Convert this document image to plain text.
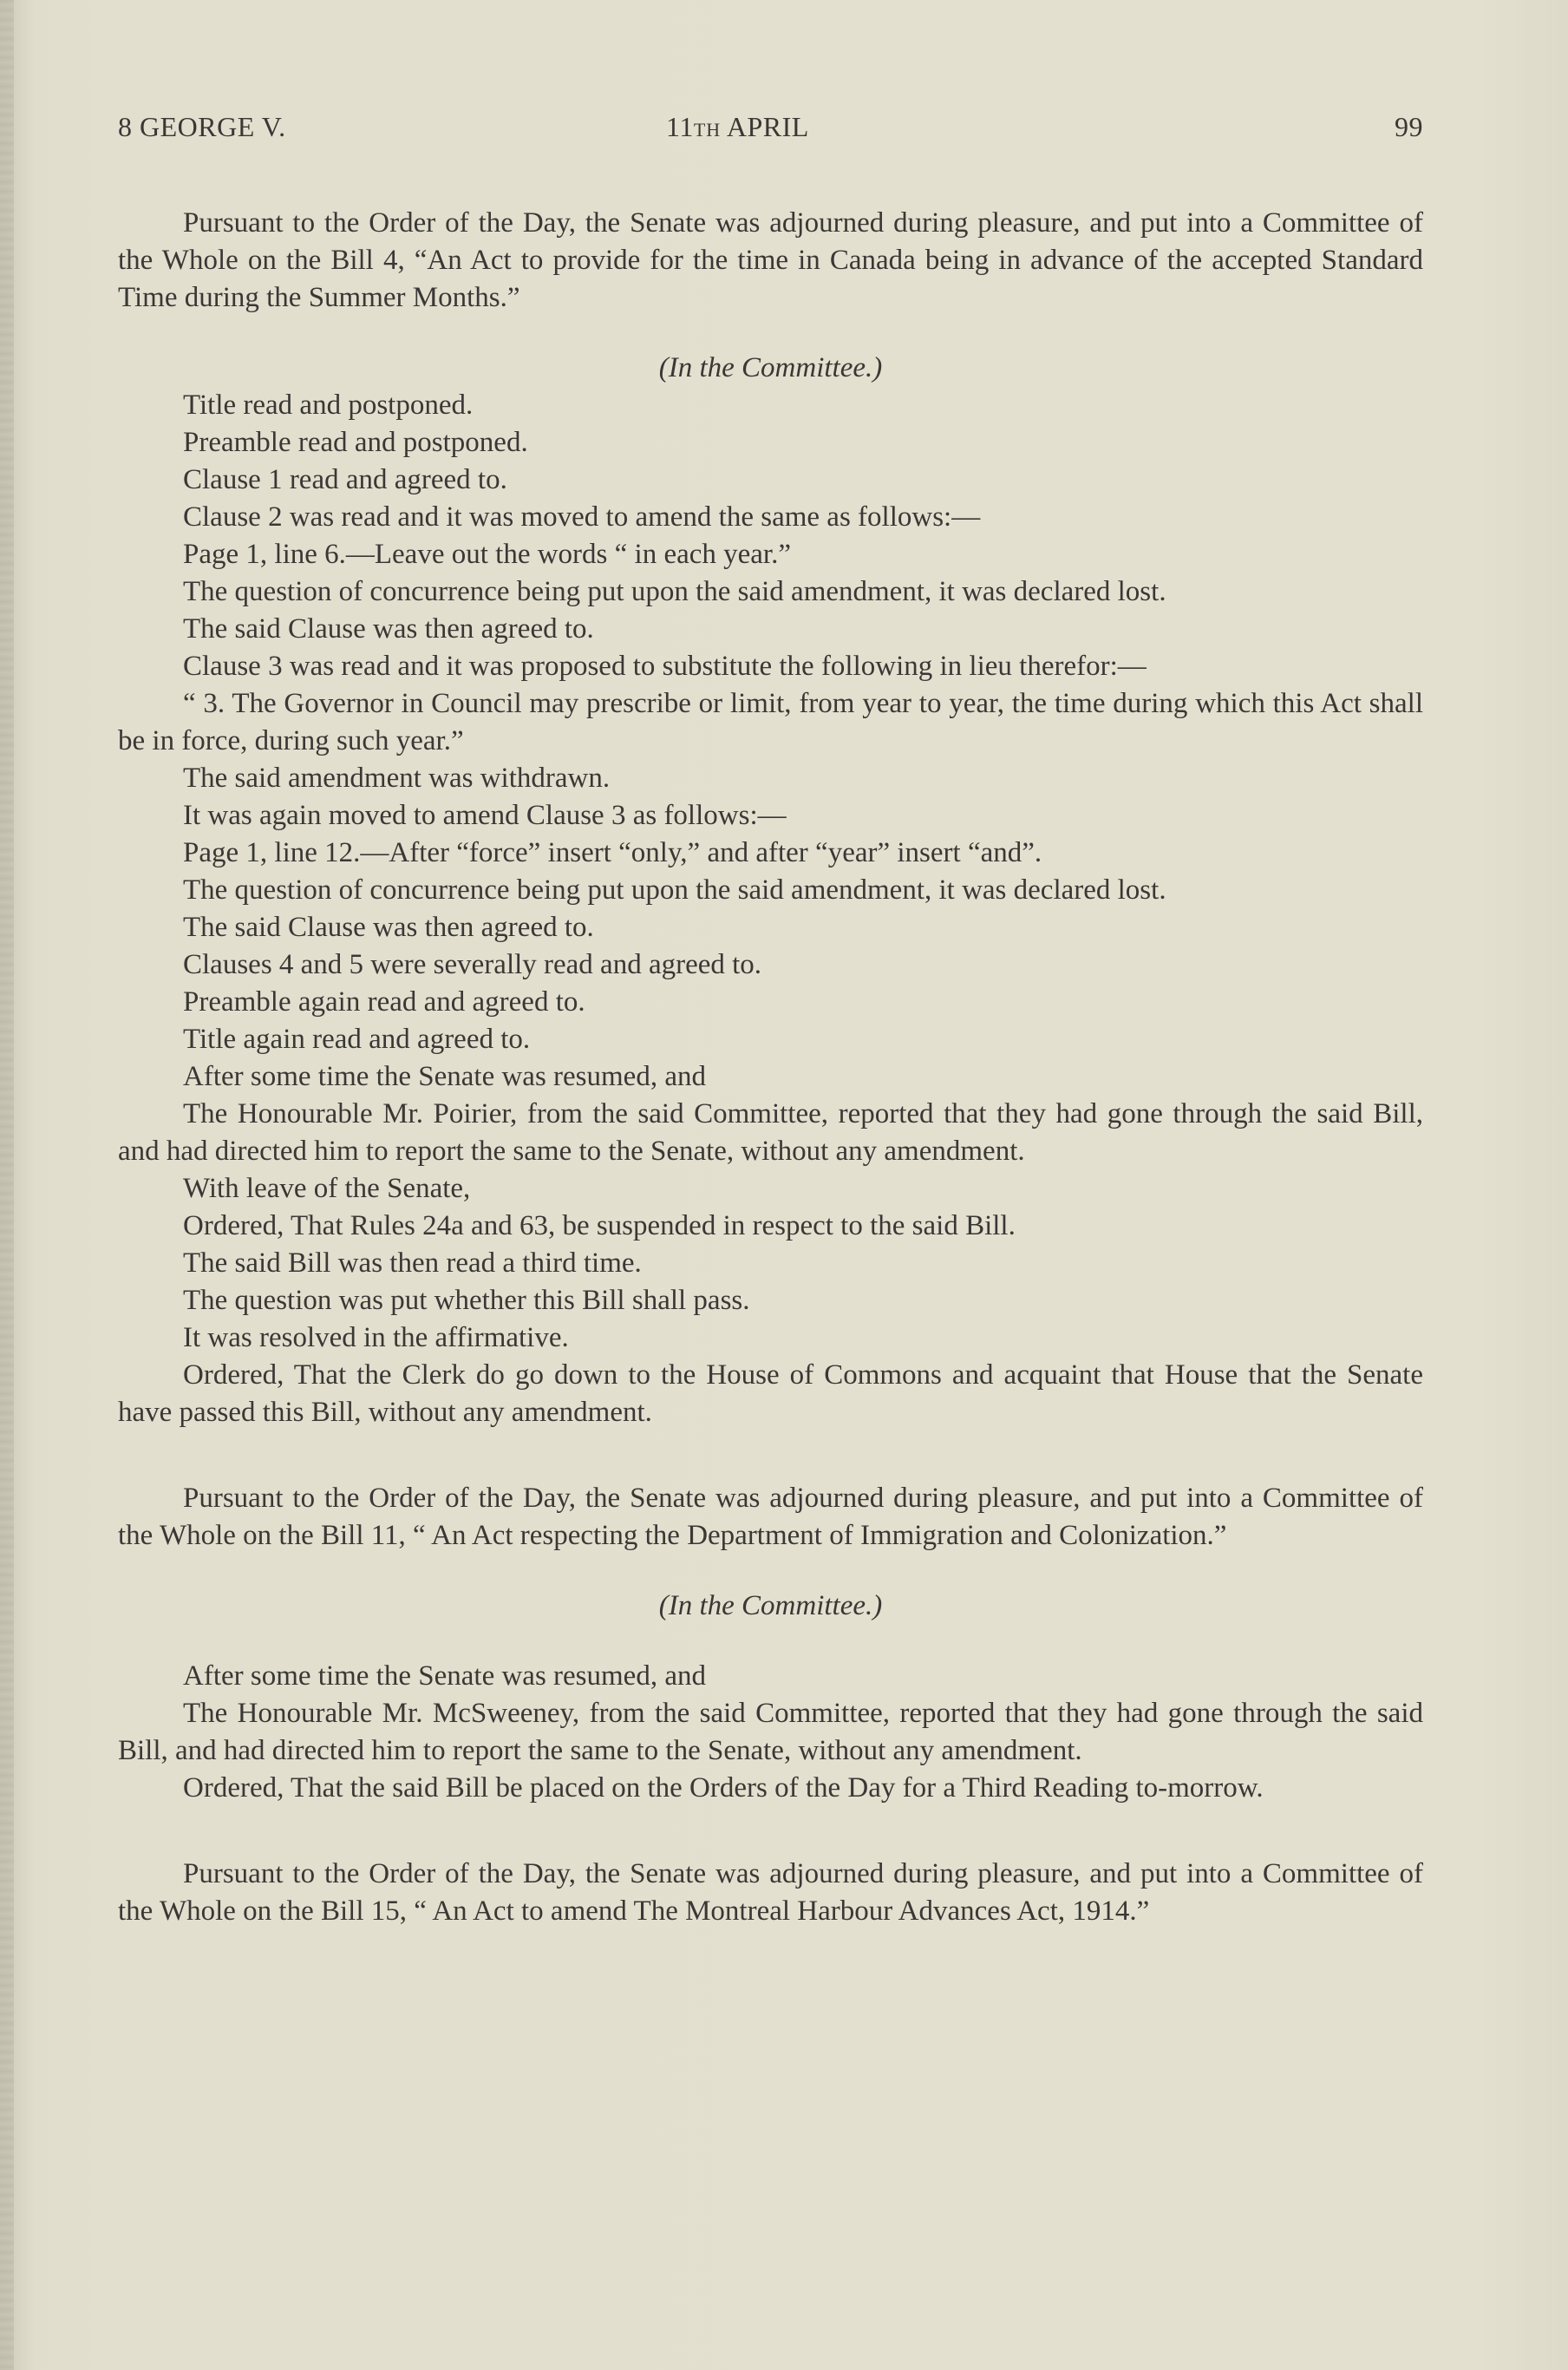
8 GEORGE V.	11TH APRIL	99

Pursuant to the Order of the Day, the Senate was adjourned during pleasure, and put into a Committee of the Whole on the Bill 4, “An Act to provide for the time in Canada being in advance of the accepted Standard Time during the Summer Months.”

(In the Committee.)

Title read and postponed.

Preamble read and postponed.

Clause 1 read and agreed to.

Clause 2 was read and it was moved to amend the same as follows:—

Page 1, line 6.—Leave out the words “ in each year.”

The question of concurrence being put upon the said amendment, it was declared lost.

The said Clause was then agreed to.

Clause 3 was read and it was proposed to substitute the following in lieu therefor:—

“ 3. The Governor in Council may prescribe or limit, from year to year, the time during which this Act shall be in force, during such year.”

The said amendment was withdrawn.

It was again moved to amend Clause 3 as follows:—

Page 1, line 12.—After “force” insert “only,” and after “year” insert “and”.

The question of concurrence being put upon the said amendment, it was declared lost.

The said Clause was then agreed to.

Clauses 4 and 5 were severally read and agreed to.

Preamble again read and agreed to.

Title again read and agreed to.

After some time the Senate was resumed, and

The Honourable Mr. Poirier, from the said Committee, reported that they had gone through the said Bill, and had directed him to report the same to the Senate, without any amendment.

With leave of the Senate,

Ordered, That Rules 24a and 63, be suspended in respect to the said Bill.

The said Bill was then read a third time.

The question was put whether this Bill shall pass.

It was resolved in the affirmative.

Ordered, That the Clerk do go down to the House of Commons and acquaint that House that the Senate have passed this Bill, without any amendment.

Pursuant to the Order of the Day, the Senate was adjourned during pleasure, and put into a Committee of the Whole on the Bill 11, “ An Act respecting the Department of Immigration and Colonization.”

(In the Committee.)

After some time the Senate was resumed, and

The Honourable Mr. McSweeney, from the said Committee, reported that they had gone through the said Bill, and had directed him to report the same to the Senate, without any amendment.

Ordered, That the said Bill be placed on the Orders of the Day for a Third Reading to-morrow.

Pursuant to the Order of the Day, the Senate was adjourned during pleasure, and put into a Committee of the Whole on the Bill 15, “ An Act to amend The Montreal Harbour Advances Act, 1914.”
